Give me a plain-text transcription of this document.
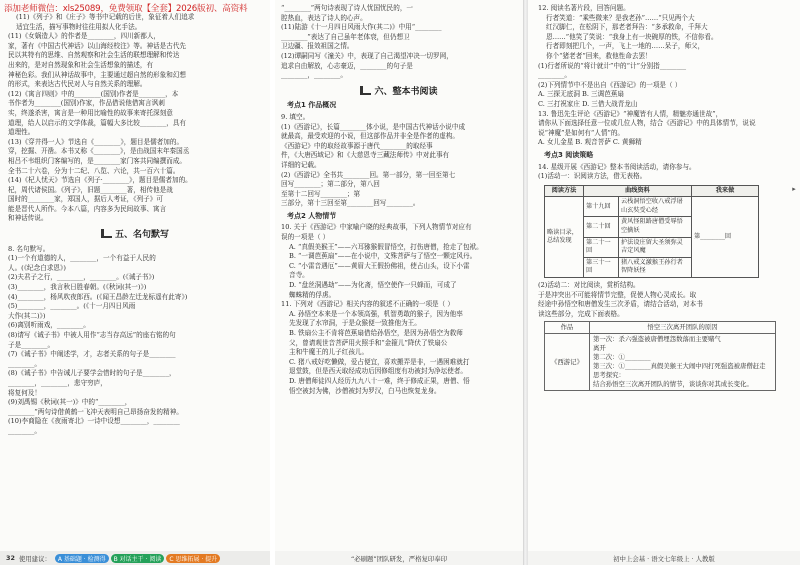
添加老师微信：xls25089，免费领取【全套】2026版初、高资料

(11)《列子》和《庄子》等书中记载的后世，象征着人们追求

适宜生活，描写事物时往往用拟人化手法。

(11)《女娲造人》的作者是________，四川新都人，

家，著有《中国古代神话》以山海经校注》等。神话是古代先

民以其特有的思维、自然观察和社会生活的联想理解和传达

出来的，是对自然现象和社会生活想象的描述，有

神秘色彩。我们从神话故事中，主要通过超自然的形象和幻想

的形式，来表达古代民对人与自然关系的理解。

(12)《寓言四则》中的________(国别)作者是________，本

书作者为________(国别)作家，作品借说他借寓言讽刺

实，终遂杀害，寓言是一种用比喻性的故事来寄托深刻意

道理，给人以启示的文学体裁，篇幅大多比较________，具有

道理性。

(13)《穿井得一人》节选自《________》，题目是儒者加的。

穿，挖掘、开凿。本书又称《________》，是由战国末年秦国丞

相吕不韦组织门客编写的，是________家门客共同编撰而成。

全书二十六卷，分为十二纪、八览、六论，共一百六十篇。

(14)《杞人忧天》节选自《列子·________》，题目是儒者加的。

杞，周代诸侯国。《列子》，旧题________著，相传他是战

国时的________家，郑国人，据后人考证，《列子》可

能是晋代人所作。今本八篇，内容多为民间故事、寓言

和神话传说。

五、名句默写

8. 名句默写。

(1)一个有道德的人，________，一个有益于人民的

人。(《纪念白求恩》)

(2)夫君子之行，________，________。(《诫子书》)

(3)________，我言秋日胜春朝。(《秋词(其一)》)

(4)________，杨风吹夜郎西。(《闻王昌龄左迁龙标遥有此寄》)

(5)________，________。(《十一月四日风雨

大作(其二)》)

(6)离别听雨戏，________。

(8)请写《诫子书》中被人用作“志当存高远”的座右铭的句

子是________。

(7)《诫子书》中阐述学，才，志者关系的句子是________

________。

(8)《诫子书》中告诫儿子要学会惜时的句子是________，

________，________，悲守穷庐，

将复何及！

(9)刘禹锡《秋词(其一)》中的“________，

________”两句诗借黄鹤一飞冲天表明自己昂扬奋发的精神。

(10)李商隐在《夜雨寄北》一诗中设想________，________

________。

“________”两句诗表现了诗人忧国忧民的，一

腔热血，表达了诗人的心声。

(11)陆游《十一月四日风雨大作(其二)》中用“________

________”表达了自己虽年老体衰，但仍想卫

卫边疆、报效祖国之情。

(12)谭嗣同写《潼关》中，表现了自己渴望冲决一切罗网，

追求自由解放，心志豪迈，________的句子是

________，________。

六、整本书阅读
考点1 作品概况

9. 填空。

(1)《西游记》，长篇________体小说，是中国古代神话小说中成

就最高，最受欢迎的小说，但这部作品并非全是作者的虚构。

《西游记》中的取经故事源于唐代________的取经事

件，《大唐西域记》和《大慈恩寺三藏法师传》中对此事有

详细的记载。

(2)《西游记》全书共________回。第一部分，第一回至第七

回写________；第二部分，第八回

至第十二回写________；第

三部分，第十三回至第________回写________。

考点2 人物情节

10. 关于《西游记》中家喻户晓的经典故事，下列人物情节对应有

误的一项是（ ）

A. “真假美猴王”——六耳猕猴假冒悟空，打伤唐僧，抢走了包袱。

B. “一调芭蕉扇”——在小说中，文殊菩萨与了悟空一颗定风丹。

C. “小雷音遇厄”——黄眉大王假扮佛祖，使占山头，设下小雷

音寺。

D. “盘丝洞遇劫”——为化斋，悟空使作一只蜂而，可成了

蜘蛛精的俘虏。

11. 下列对《西游记》相关内容的叙述不正确的一项是（ ）

A. 孙悟空本来是一个本领高强，机智勇敢的猴子，因为他率

先发现了水帘洞，于是众猴便一致推他为王。

B. 铁扇公主不肯将芭蕉扇借给孙悟空，是因为孙悟空为救师

父，曾请观世音菩萨用火照手和“金箍儿”降伏了铁扇公

主和牛魔王的儿子红孩儿。

C. 猪八戒好吃懒做，爱占便宜，喜欢搬弄是非，一遇困难就打

退堂鼓，但是西天取经成功后因修组度有功被封为净坛使者。

D. 唐僧师徒四人经历九九八十一难，终于修成正果，唐僧、悟

悟空被封为佛，沙僧被封为罗汉，白马也恢复龙身。

12. 阅读名著片段，回答问题。

行者笑道：“乘些微来？是我老孙”……“只见两个大

红汉脚仁，在松阴下，那老者拜告：“多承救命，千拜大

恩……”他笑了笑说：“我身上有一块碗厚的铁，不信你看。

行者即刻把几个，一声，飞上一地的……呆子，师父，

你个“猪老者”回来，救他性命去罢！

(1)行者所说的“将计就计”中的“计”分别指________

________。

(2)下列情节中不是出自《西游记》的一项是（ ）

A. 三探无底洞 B. 三调芭蕉扇

C. 三打祝家庄 D. 三借大战青龙山

13. 鲁迅先生评论《西游记》“神魔皆有人情，精魅亦通世故”，

请你从下面选择任意一位或几位人物，结合《西游记》中的具体情节，说说

说“神魔”是如何有“人情”的。

A. 女儿金星 B. 观音菩萨 C. 黄狮精

考点3 阅读策略

14. 星级开展《西游记》整本书阅读活动，请你参与。

(1)活动一：识阅读方法，借无表格。

阅读方法	曲线资料		我来做
略读目录，总结发现	第十九回	云栈洞悟空收八戒浮屠山玄奘受心经	第________回
	第二十回	黄风怪阻路唐僧受辱悟空擒妖	
	第二十一回	护法设庄留大圣须弥灵吉定风魔	
	第三十一回	猪八戒义激猴王孙行者智降妖怪	

(2)活动二：对比阅读，赏析结构。

于是冲突出不可能将情节完整，促使人物心灵成长。取

经途中孙悟空和唐僧发生三次矛盾，请结合活动，对本书

读这些部分，完成下面表格。

作品	悟空三次离开团队的原因
《西游记》

第一次：杀六强盗被唐僧埋怨数落而主要赌气

离开

第二次：①________

第三次：①________真假美猴王大闹中四打死强盗被唐僧赶走

思考探究：

结合孙悟空三次离开团队的情节，谈谈你对其成长变化。

▸
32 使用建议：	A 基础题 · 检测得	B 对话主干 · 阅读	C 思维拓展 · 提升	“必刷题”团队研发，严格复印奉印	初中上会基 · 语文七年级上 · 人教版
